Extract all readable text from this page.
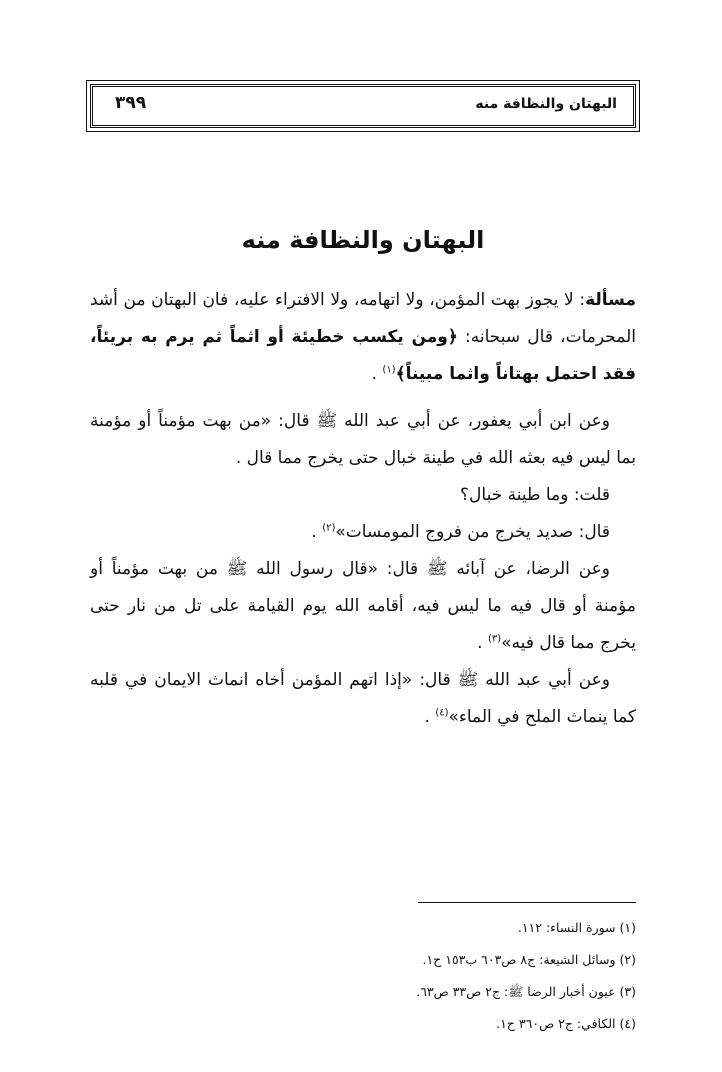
البهتان والنظافة منه
٣٩٩
البهتان والنظافة منه

مسألة: لا يجوز بهت المؤمن، ولا اتهامه، ولا الافتراء عليه، فان البهتان من أشد المحرمات، قال سبحانه: ﴿ومن يكسب خطيئة أو اثماً ثم يرم به بريئاً، فقد احتمل بهتاناً واثما مبيناً﴾$^{(١)}$ .

وعن ابن أبي يعفور، عن أبي عبد الله ﷺ قال: «من بهت مؤمناً أو مؤمنة بما ليس فيه بعثه الله في طينة خبال حتى يخرج مما قال .

قلت: وما طينة خبال؟

قال: صديد يخرج من فروج المومسات»$^{(٢)}$ .

وعن الرضا، عن آبائه ﷺ قال: «قال رسول الله ﷺ من بهت مؤمناً أو مؤمنة أو قال فيه ما ليس فيه، أقامه الله يوم القيامة على تل من نار حتى يخرج مما قال فيه»$^{(٣)}$ .

وعن أبي عبد الله ﷺ قال: «إذا اتهم المؤمن أخاه انماث الايمان في قلبه كما ينماث الملح في الماء»$^{(٤)}$ .

(١) سورة النساء: ١١٢.
(٢) وسائل الشيعة: ج٨ ص٦٠٣ ب١٥٣ ح١.
(٣) عيون أخبار الرضا ﷺ: ج٢ ص٣٣ ص٦٣.
(٤) الكافي: ج٢ ص٣٦٠ ح١.
